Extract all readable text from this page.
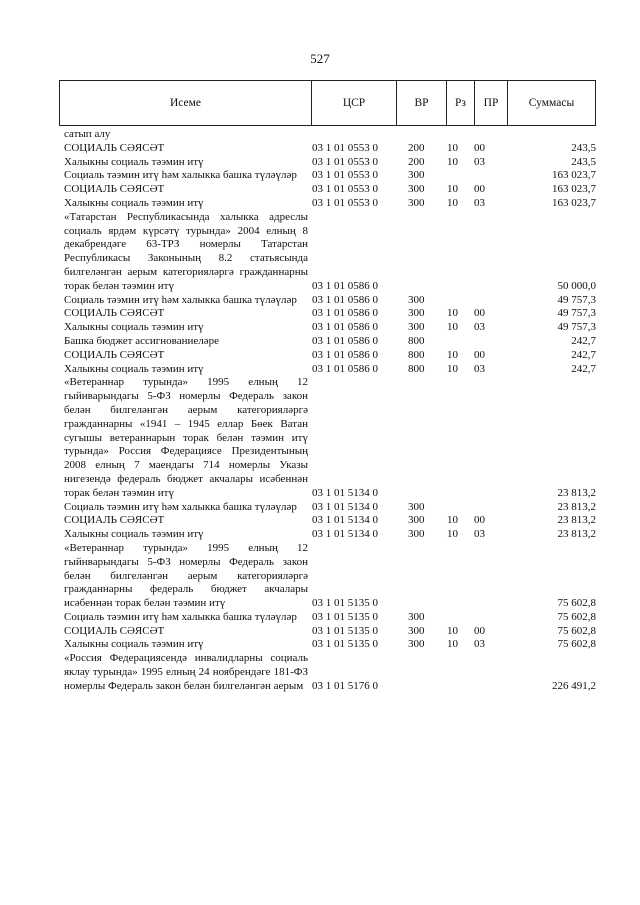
527
Исеме	ЦСР	ВР	Рз	ПР	Суммасы
сатып алу
СОЦИАЛЬ СӘЯСӘТ	03 1 01 0553 0	200 10 00	243,5
Халыкны социаль тәэмин итү	03 1 01 0553 0	200 10 03	243,5
Социаль тәэмин итү һәм халыкка башка түләүләр	03 1 01 0553 0	300	163 023,7
СОЦИАЛЬ СӘЯСӘТ	03 1 01 0553 0	300 10 00	163 023,7
Халыкны социаль тәэмин итү	03 1 01 0553 0	300 10 03	163 023,7
«Татарстан Республикасында халыкка адреслы социаль ярдәм күрсәтү турында» 2004 елның 8 декабрендәге 63-ТРЗ номерлы Татарстан Республикасы Законының 8.2 статьясында билгеләнгән аерым категорияләргә гражданнарны торак белән тәэмин итү	03 1 01 0586 0	50 000,0
Социаль тәэмин итү һәм халыкка башка түләүләр	03 1 01 0586 0	300	49 757,3
СОЦИАЛЬ СӘЯСӘТ	03 1 01 0586 0	300 10 00	49 757,3
Халыкны социаль тәэмин итү	03 1 01 0586 0	300 10 03	49 757,3
Башка бюджет ассигнованиеләре	03 1 01 0586 0	800	242,7
СОЦИАЛЬ СӘЯСӘТ	03 1 01 0586 0	800 10 00	242,7
Халыкны социаль тәэмин итү	03 1 01 0586 0	800 10 03	242,7
«Ветераннар турында» 1995 елның 12 гыйнварындагы 5-ФЗ номерлы Федераль закон белән билгеләнгән аерым категорияләргә гражданнарны «1941 – 1945 еллар Бөек Ватан сугышы ветераннарын торак белән тәэмин итү турында» Россия Федерациясе Президентының 2008 елның 7 маендагы 714 номерлы Указы нигезендә федераль бюджет акчалары исәбеннән торак белән тәэмин итү	03 1 01 5134 0	23 813,2
Социаль тәэмин итү һәм халыкка башка түләүләр	03 1 01 5134 0	300	23 813,2
СОЦИАЛЬ СӘЯСӘТ	03 1 01 5134 0	300 10 00	23 813,2
Халыкны социаль тәэмин итү	03 1 01 5134 0	300 10 03	23 813,2
«Ветераннар турында» 1995 елның 12 гыйнварындагы 5-ФЗ номерлы Федераль закон белән билгеләнгән аерым категорияләргә гражданнарны федераль бюджет акчалары исәбеннән торак белән тәэмин итү	03 1 01 5135 0	75 602,8
Социаль тәэмин итү һәм халыкка башка түләүләр	03 1 01 5135 0	300	75 602,8
СОЦИАЛЬ СӘЯСӘТ	03 1 01 5135 0	300 10 00	75 602,8
Халыкны социаль тәэмин итү	03 1 01 5135 0	300 10 03	75 602,8
«Россия Федерациясендә инвалидларны социаль яклау турында» 1995 елның 24 ноябрендәге 181-ФЗ номерлы Федераль закон белән билгеләнгән аерым 03 1 01 5176 0	226 491,2
